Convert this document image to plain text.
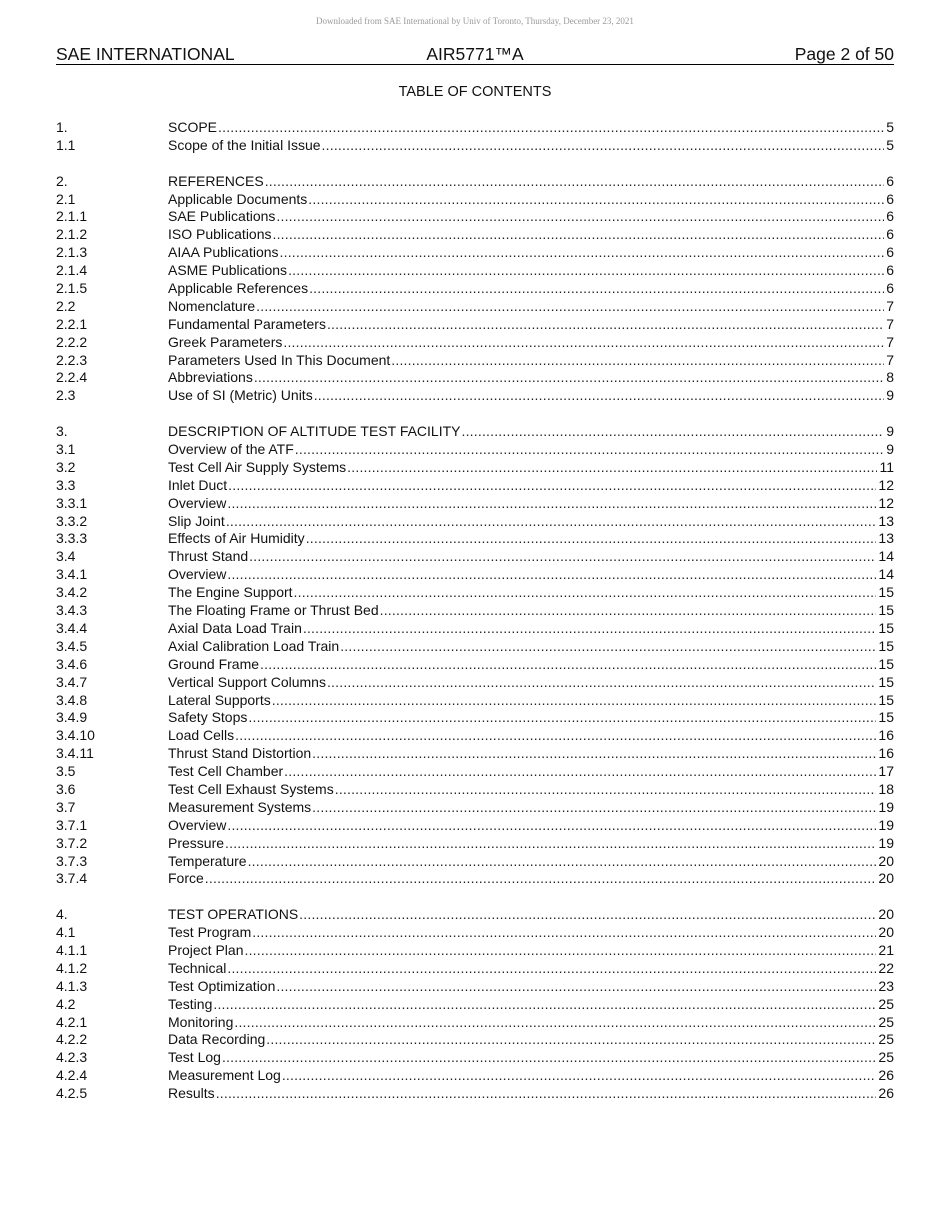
Downloaded from SAE International by Univ of Toronto, Thursday, December 23, 2021
SAE INTERNATIONAL	AIR5771™A	Page 2 of 50
TABLE OF CONTENTS
1.	SCOPE .....	5
1.1	Scope of the Initial Issue .....	5
2.	REFERENCES .....	6
2.1	Applicable Documents .....	6
2.1.1	SAE Publications .....	6
2.1.2	ISO Publications .....	6
2.1.3	AIAA Publications .....	6
2.1.4	ASME Publications .....	6
2.1.5	Applicable References .....	6
2.2	Nomenclature .....	7
2.2.1	Fundamental Parameters .....	7
2.2.2	Greek Parameters .....	7
2.2.3	Parameters Used In This Document .....	7
2.2.4	Abbreviations .....	8
2.3	Use of SI (Metric) Units .....	9
3.	DESCRIPTION OF ALTITUDE TEST FACILITY .....	9
3.1	Overview of the ATF .....	9
3.2	Test Cell Air Supply Systems .....	11
3.3	Inlet Duct .....	12
3.3.1	Overview .....	12
3.3.2	Slip Joint .....	13
3.3.3	Effects of Air Humidity .....	13
3.4	Thrust Stand .....	14
3.4.1	Overview .....	14
3.4.2	The Engine Support .....	15
3.4.3	The Floating Frame or Thrust Bed .....	15
3.4.4	Axial Data Load Train .....	15
3.4.5	Axial Calibration Load Train .....	15
3.4.6	Ground Frame .....	15
3.4.7	Vertical Support Columns .....	15
3.4.8	Lateral Supports .....	15
3.4.9	Safety Stops .....	15
3.4.10	Load Cells .....	16
3.4.11	Thrust Stand Distortion .....	16
3.5	Test Cell Chamber .....	17
3.6	Test Cell Exhaust Systems .....	18
3.7	Measurement Systems .....	19
3.7.1	Overview .....	19
3.7.2	Pressure .....	19
3.7.3	Temperature .....	20
3.7.4	Force .....	20
4.	TEST OPERATIONS .....	20
4.1	Test Program .....	20
4.1.1	Project Plan .....	21
4.1.2	Technical .....	22
4.1.3	Test Optimization .....	23
4.2	Testing .....	25
4.2.1	Monitoring .....	25
4.2.2	Data Recording .....	25
4.2.3	Test Log .....	25
4.2.4	Measurement Log .....	26
4.2.5	Results .....	26
